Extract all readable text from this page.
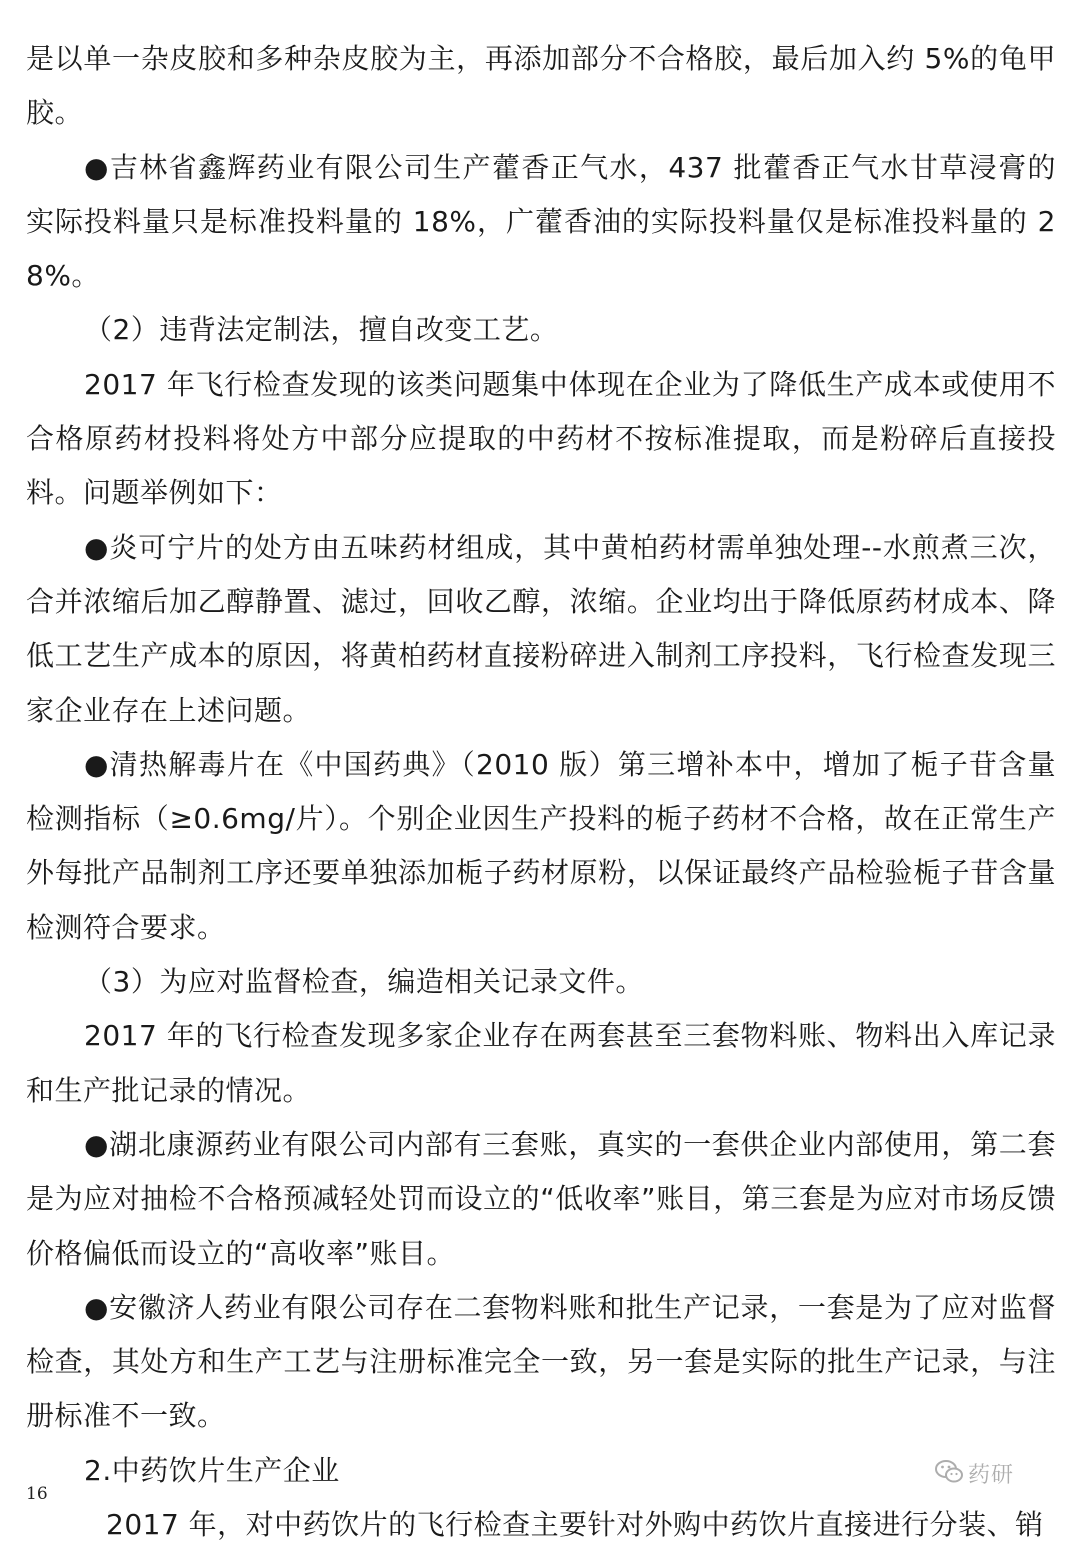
是以单一杂皮胶和多种杂皮胶为主，再添加部分不合格胶，最后加入约 5%的龟甲胶。

●吉林省鑫辉药业有限公司生产藿香正气水，437 批藿香正气水甘草浸膏的实际投料量只是标准投料量的 18%，广藿香油的实际投料量仅是标准投料量的 28%。

（2）违背法定制法，擅自改变工艺。

2017 年飞行检查发现的该类问题集中体现在企业为了降低生产成本或使用不合格原药材投料将处方中部分应提取的中药材不按标准提取，而是粉碎后直接投料。问题举例如下：

●炎可宁片的处方由五味药材组成，其中黄柏药材需单独处理--水煎煮三次，合并浓缩后加乙醇静置、滤过，回收乙醇，浓缩。企业均出于降低原药材成本、降低工艺生产成本的原因，将黄柏药材直接粉碎进入制剂工序投料，飞行检查发现三家企业存在上述问题。

●清热解毒片在《中国药典》（2010 版）第三增补本中，增加了栀子苷含量检测指标（≥0.6mg/片）。个别企业因生产投料的栀子药材不合格，故在正常生产外每批产品制剂工序还要单独添加栀子药材原粉，以保证最终产品检验栀子苷含量检测符合要求。

（3）为应对监督检查，编造相关记录文件。

2017 年的飞行检查发现多家企业存在两套甚至三套物料账、物料出入库记录和生产批记录的情况。

●湖北康源药业有限公司内部有三套账，真实的一套供企业内部使用，第二套是为应对抽检不合格预减轻处罚而设立的“低收率”账目，第三套是为应对市场反馈价格偏低而设立的“高收率”账目。

●安徽济人药业有限公司存在二套物料账和批生产记录，一套是为了应对监督检查，其处方和生产工艺与注册标准完全一致，另一套是实际的批生产记录，与注册标准不一致。

2.中药饮片生产企业

2017 年，对中药饮片的飞行检查主要针对外购中药饮片直接进行分装、销

16
药研
